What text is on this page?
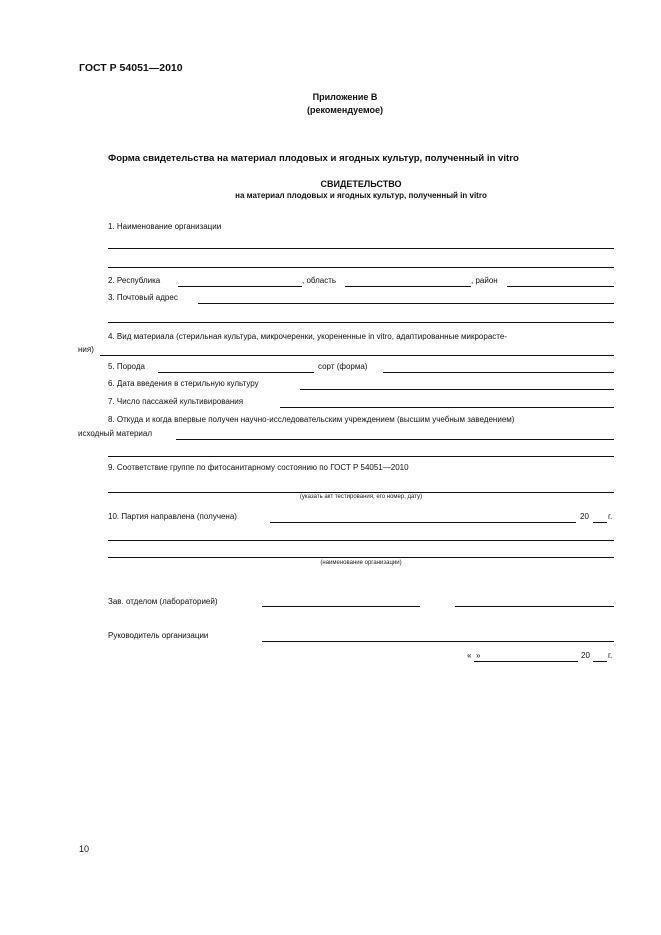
ГОСТ Р 54051—2010
Приложение В
(рекомендуемое)
Форма свидетельства на материал плодовых и ягодных культур, полученный in vitro
СВИДЕТЕЛЬСТВО
на материал плодовых и ягодных культур, полученный in vitro
1. Наименование организации
2. Республика	, область	, район
3. Почтовый адрес
4. Вид материала (стерильная культура, микрочеренки, укорененные in vitro, адаптированные микрорасте-
ния)
5. Порода	сорт (форма)
6. Дата введения в стерильную культуру
7. Число пассажей культивирования
8. Откуда и когда впервые получен научно-исследовательским учреждением (высшим учебным заведением)
исходный материал
9. Соответствие группе по фитосанитарному состоянию по ГОСТ Р 54051—2010
(указать акт тестирования, его номер, дату)
10. Партия направлена (получена)	20 г.
(наименование организации)
Зав. отделом (лабораторией)
Руководитель организации
« »	20 г.
10
